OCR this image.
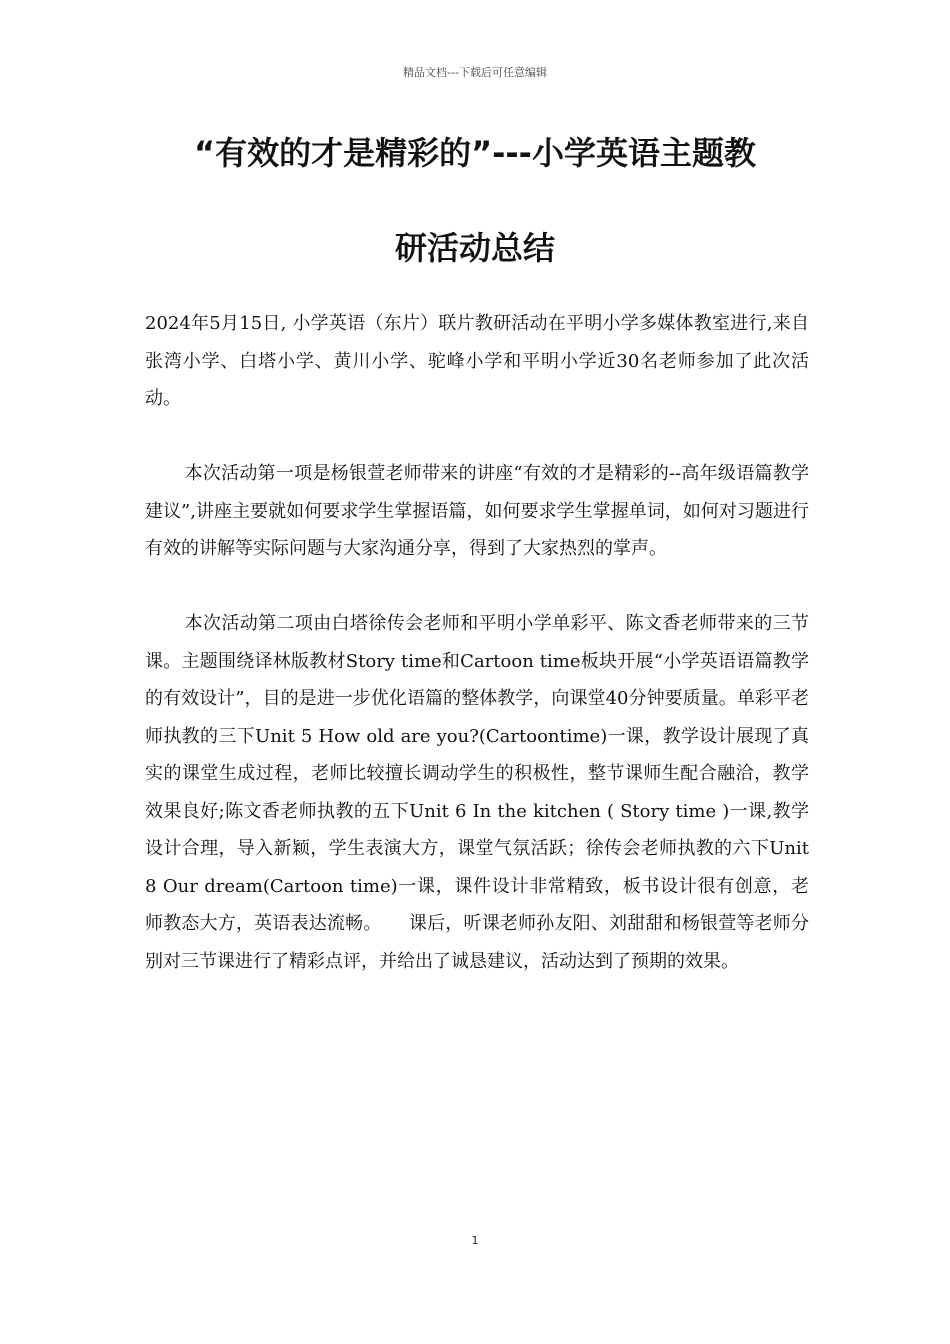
精品文档---下载后可任意编辑
“有效的才是精彩的”---小学英语主题教
研活动总结

2024年5月15日, 小学英语（东片）联片教研活动在平明小学多媒体教室进行,来自张湾小学、白塔小学、黄川小学、驼峰小学和平明小学近30名老师参加了此次活动。

本次活动第一项是杨银萱老师带来的讲座“有效的才是精彩的--高年级语篇教学建议”,讲座主要就如何要求学生掌握语篇，如何要求学生掌握单词，如何对习题进行有效的讲解等实际问题与大家沟通分享，得到了大家热烈的掌声。

本次活动第二项由白塔徐传会老师和平明小学单彩平、陈文香老师带来的三节课。主题围绕译林版教材Story time和Cartoon time板块开展“小学英语语篇教学的有效设计”，目的是进一步优化语篇的整体教学，向课堂40分钟要质量。单彩平老师执教的三下Unit 5 How old are you?(Cartoontime)一课，教学设计展现了真实的课堂生成过程，老师比较擅长调动学生的积极性，整节课师生配合融洽，教学效果良好;陈文香老师执教的五下Unit 6 In the kitchen ( Story time )一课,教学设计合理，导入新颖，学生表演大方，课堂气氛活跃；徐传会老师执教的六下Unit 8 Our dream(Cartoon time)一课，课件设计非常精致，板书设计很有创意，老师教态大方，英语表达流畅。　　课后，听课老师孙友阳、刘甜甜和杨银萱等老师分别对三节课进行了精彩点评，并给出了诚恳建议，活动达到了预期的效果。

1
